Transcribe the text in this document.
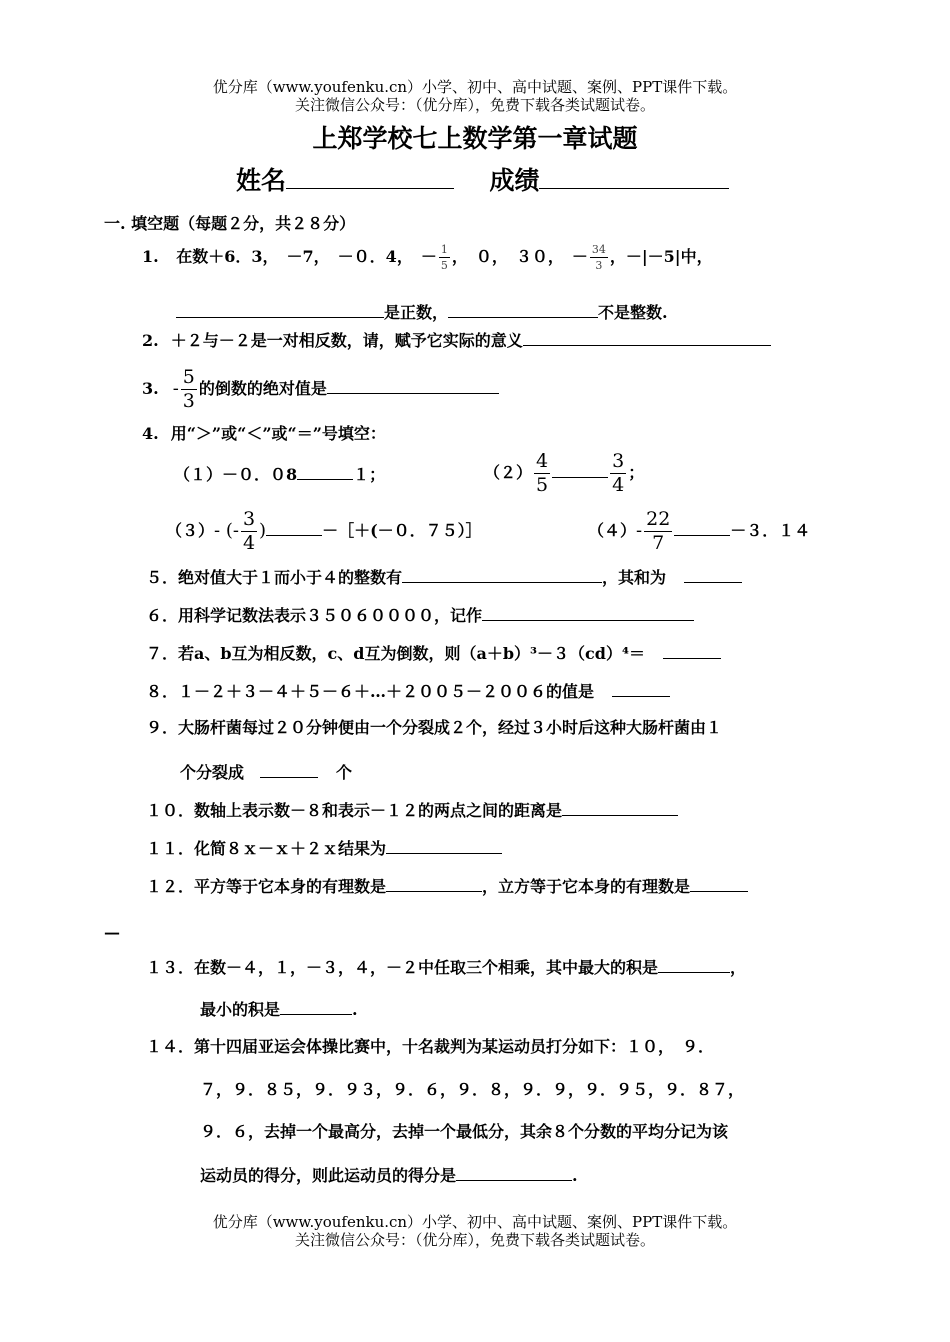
优分库（www.youfenku.cn）小学、初中、高中试题、案例、PPT课件下载。
关注微信公众号：（优分库），免费下载各类试题试卷。
上郑学校七上数学第一章试题
姓名	成绩
一. 填空题（每题２分，共２８分）
1. 在数＋6．3，　－7，　－０．4，　－ $\frac{1}{5}$ ，　０，　３０，　－ $\frac{34}{3}$ ，－|－5|中，
是正数，	不是整数.
2. ＋２与－２是一对相反数，请，赋予它实际的意义
3. - $\frac{5}{3}$ 的倒数的绝对值是
4. 用“＞”或“＜”或“＝”号填空：
（１）－０．０8	１；	$(2) \frac{4}{5}$	$\frac{3}{4}$ ；
（３）- (- $\frac{3}{4}$ )	－［＋(－０．７５）］	$(4)- \frac{22}{7}$	－３．１４
５．绝对值大于１而小于４的整数有	，其和为
６．用科学记数法表示３５０６００００，记作
７．若a、b互为相反数，c、d互为倒数，则（a＋b）³－３（cd）⁴＝
８．１－２＋３－４＋５－６＋…＋２００５－２００６的值是
９．大肠杆菌每过２０分钟便由一个分裂成２个，经过３小时后这种大肠杆菌由１
个分裂成	个
１０．数轴上表示数－８和表示－１２的两点之间的距离是
１１．化简８ｘ－ｘ＋２ｘ结果为
１２．平方等于它本身的有理数是	，立方等于它本身的有理数是
—
１３．在数－４，１，－３，４，－２中任取三个相乘，其中最大的积是	，
最小的积是	.
１４．第十四届亚运会体操比赛中，十名裁判为某运动员打分如下：１０，　９．
７，９．８５，９．９３，９．６，９．８，９．９，９．９５，９．８７，
９．６，去掉一个最高分，去掉一个最低分，其余８个分数的平均分记为该
运动员的得分，则此运动员的得分是	.
优分库（www.youfenku.cn）小学、初中、高中试题、案例、PPT课件下载。
关注微信公众号：（优分库），免费下载各类试题试卷。
